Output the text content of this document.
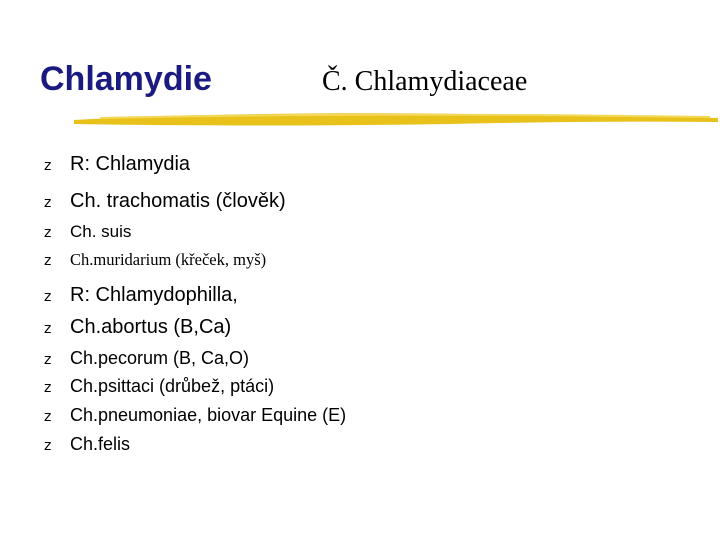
Chlamydie	Č. Chlamydiaceae
z R: Chlamydia
z Ch. trachomatis (člověk)
z	Ch. suis
z	Ch.muridarium (křeček, myš)
z R: Chlamydophilla,
z Ch.abortus (B,Ca)
z	Ch.pecorum (B, Ca,O)
z	Ch.psittaci (drůbež, ptáci)
z	Ch.pneumoniae, biovar Equine (E)
z	Ch.felis
